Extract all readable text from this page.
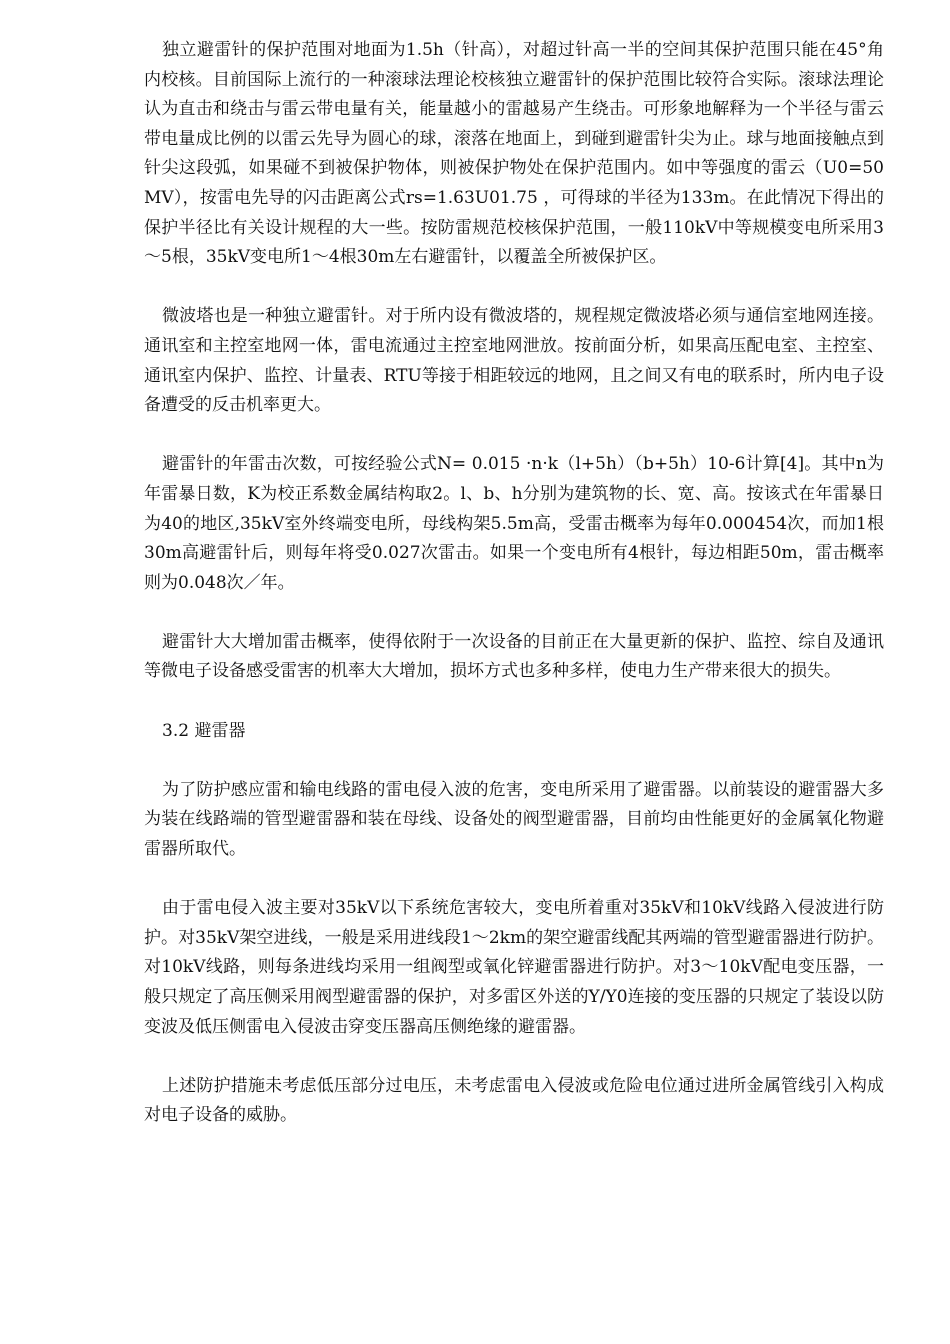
独立避雷针的保护范围对地面为1.5h（针高），对超过针高一半的空间其保护范围只能在45°角内校核。目前国际上流行的一种滚球法理论校核独立避雷针的保护范围比较符合实际。滚球法理论认为直击和绕击与雷云带电量有关，能量越小的雷越易产生绕击。可形象地解释为一个半径与雷云带电量成比例的以雷云先导为圆心的球，滚落在地面上，到碰到避雷针尖为止。球与地面接触点到针尖这段弧，如果碰不到被保护物体，则被保护物处在保护范围内。如中等强度的雷云（U0=50MV），按雷电先导的闪击距离公式rs=1.63U01.75 ，可得球的半径为133m。在此情况下得出的保护半径比有关设计规程的大一些。按防雷规范校核保护范围，一般110kV中等规模变电所采用3～5根，35kV变电所1～4根30m左右避雷针，以覆盖全所被保护区。

微波塔也是一种独立避雷针。对于所内设有微波塔的，规程规定微波塔必须与通信室地网连接。通讯室和主控室地网一体，雷电流通过主控室地网泄放。按前面分析，如果高压配电室、主控室、通讯室内保护、监控、计量表、RTU等接于相距较远的地网，且之间又有电的联系时，所内电子设备遭受的反击机率更大。

避雷针的年雷击次数，可按经验公式N= 0.015 ·n·k（l+5h）（b+5h）10-6计算[4]。其中n为年雷暴日数，K为校正系数金属结构取2。l、b、h分别为建筑物的长、宽、高。按该式在年雷暴日为40的地区,35kV室外终端变电所，母线构架5.5m高，受雷击概率为每年0.000454次，而加1根30m高避雷针后，则每年将受0.027次雷击。如果一个变电所有4根针，每边相距50m，雷击概率则为0.048次／年。

避雷针大大增加雷击概率，使得依附于一次设备的目前正在大量更新的保护、监控、综自及通讯等微电子设备感受雷害的机率大大增加，损坏方式也多种多样，使电力生产带来很大的损失。

3.2 避雷器

为了防护感应雷和输电线路的雷电侵入波的危害，变电所采用了避雷器。以前装设的避雷器大多为装在线路端的管型避雷器和装在母线、设备处的阀型避雷器，目前均由性能更好的金属氧化物避雷器所取代。

由于雷电侵入波主要对35kV以下系统危害较大，变电所着重对35kV和10kV线路入侵波进行防护。对35kV架空进线，一般是采用进线段1～2km的架空避雷线配其两端的管型避雷器进行防护。对10kV线路，则每条进线均采用一组阀型或氧化锌避雷器进行防护。对3～10kV配电变压器，一般只规定了高压侧采用阀型避雷器的保护，对多雷区外送的Y/Y0连接的变压器的只规定了装设以防变波及低压侧雷电入侵波击穿变压器高压侧绝缘的避雷器。

上述防护措施未考虑低压部分过电压，未考虑雷电入侵波或危险电位通过进所金属管线引入构成对电子设备的威胁。
